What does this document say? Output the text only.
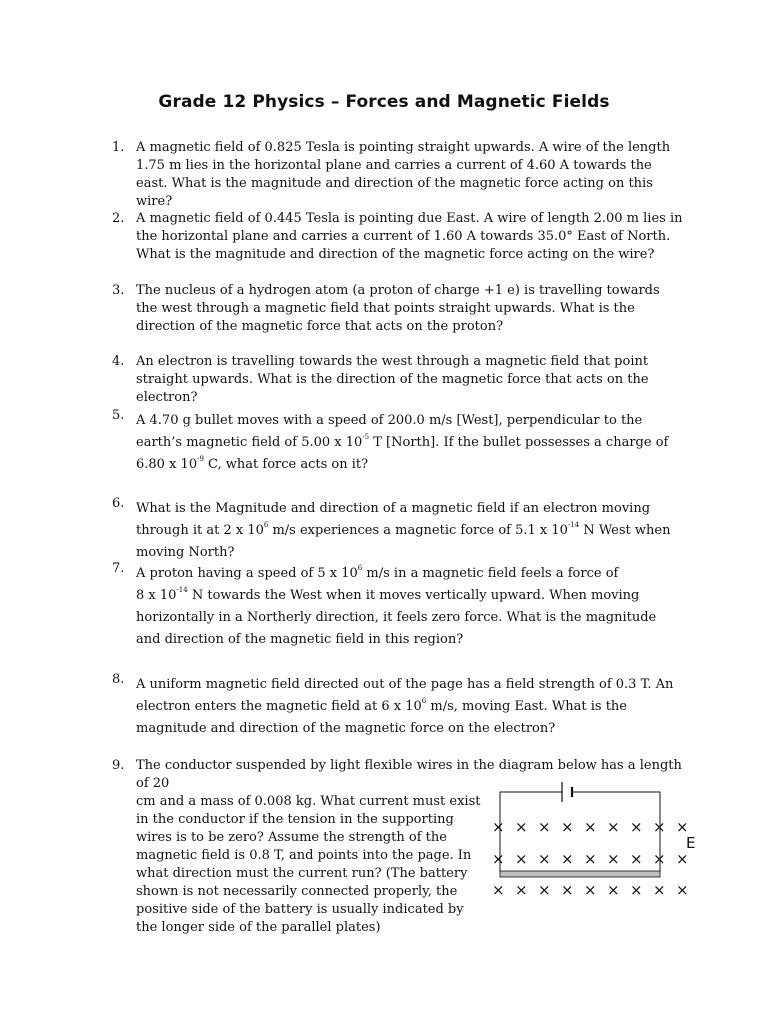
Grade 12 Physics – Forces and Magnetic Fields
1. A magnetic field of 0.825 Tesla is pointing straight upwards. A wire of the length 1.75 m lies in the horizontal plane and carries a current of 4.60 A towards the east. What is the magnitude and direction of the magnetic force acting on this wire?
2. A magnetic field of 0.445 Tesla is pointing due East. A wire of length 2.00 m lies in the horizontal plane and carries a current of 1.60 A towards 35.0° East of North. What is the magnitude and direction of the magnetic force acting on the wire?
3. The nucleus of a hydrogen atom (a proton of charge +1 e) is travelling towards the west through a magnetic field that points straight upwards. What is the direction of the magnetic force that acts on the proton?
4. An electron is travelling towards the west through a magnetic field that point straight upwards. What is the direction of the magnetic force that acts on the electron?
5. A 4.70 g bullet moves with a speed of 200.0 m/s [West], perpendicular to the earth’s magnetic field of 5.00 x $10^{-5}$ T [North]. If the bullet possesses a charge of 6.80 x $10^{-9}$ C, what force acts on it?
6. What is the Magnitude and direction of a magnetic field if an electron moving through it at 2 x $10^6$ m/s experiences a magnetic force of 5.1 x $10^{-14}$ N West when moving North?
7. A proton having a speed of 5 x $10^6$ m/s in a magnetic field feels a force of
8 x $10^{-14}$ N towards the West when it moves vertically upward. When moving horizontally in a Northerly direction, it feels zero force. What is the magnitude and direction of the magnetic field in this region?
8. A uniform magnetic field directed out of the page has a field strength of 0.3 T. An electron enters the magnetic field at 6 x $10^6$ m/s, moving East. What is the magnitude and direction of the magnetic force on the electron?
9. The conductor suspended by light flexible wires in the diagram below has a length of 20
cm and a mass of 0.008 kg. What current must exist in the conductor if the tension in the supporting wires is to be zero? Assume the strength of the magnetic field is 0.8 T, and points into the page. In what direction must the current run? (The battery shown is not necessarily connected properly, the positive side of the battery is usually indicated by the longer side of the parallel plates)
× × × × × × × × ×
× × × × × × × × ×
× × × × × × × × ×
E
